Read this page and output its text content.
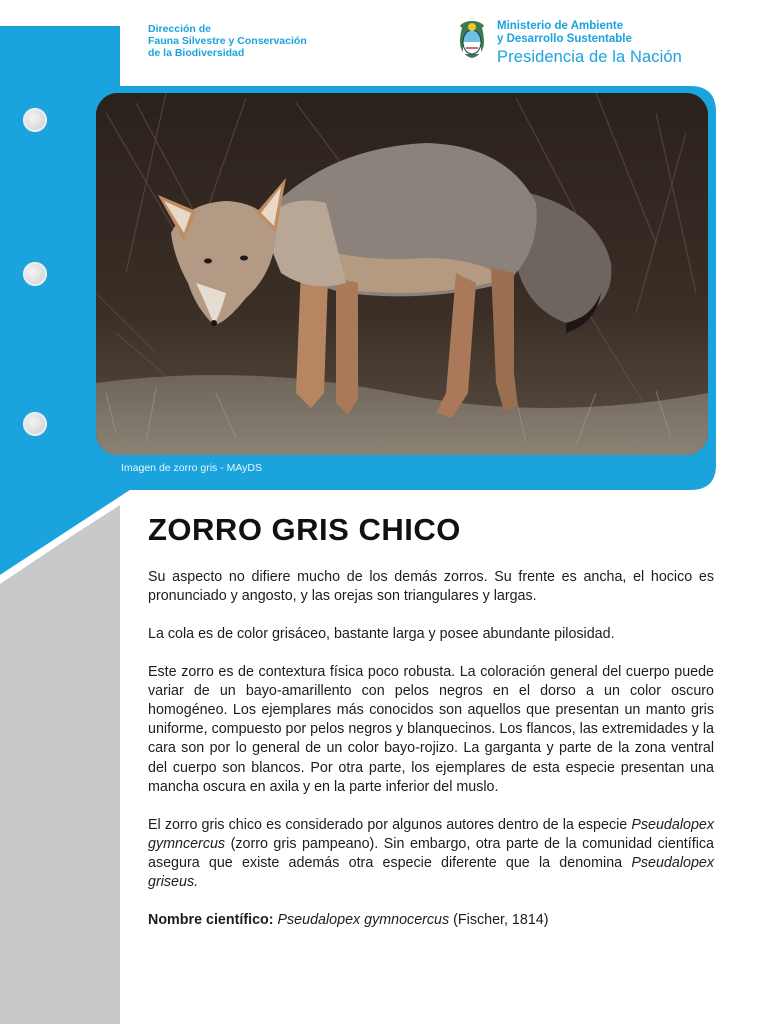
Dirección de
Fauna Silvestre y Conservación
de la Biodiversidad
Ministerio de Ambiente
y Desarrollo Sustentable
Presidencia de la Nación
Imagen de zorro gris - MAyDS
ZORRO GRIS CHICO

Su aspecto no difiere mucho de los demás zorros. Su frente es ancha, el hocico es pronunciado y angosto, y las orejas son triangulares y largas.

La cola es de color grisáceo, bastante larga y posee abundante pilosidad.

Este zorro es de contextura física poco robusta. La coloración general del cuerpo puede variar de un bayo-amarillento con pelos negros en el dorso a un color oscuro homogéneo. Los ejemplares más conocidos son aquellos que presentan un manto gris uniforme, compuesto por pelos negros y blanquecinos. Los flancos, las extremidades y la cara son por lo general de un color bayo-rojizo. La garganta y parte de la zona ventral del cuerpo son blancos. Por otra parte, los ejemplares de esta especie presentan una mancha oscura en axila y en la parte inferior del muslo.

El zorro gris chico es considerado por algunos autores dentro de la especie Pseudalopex gymncercus (zorro gris pampeano). Sin embargo, otra parte de la comunidad científica asegura que existe además otra especie diferente que la denomina Pseudalopex griseus.

Nombre científico: Pseudalopex gymnocercus (Fischer, 1814)
